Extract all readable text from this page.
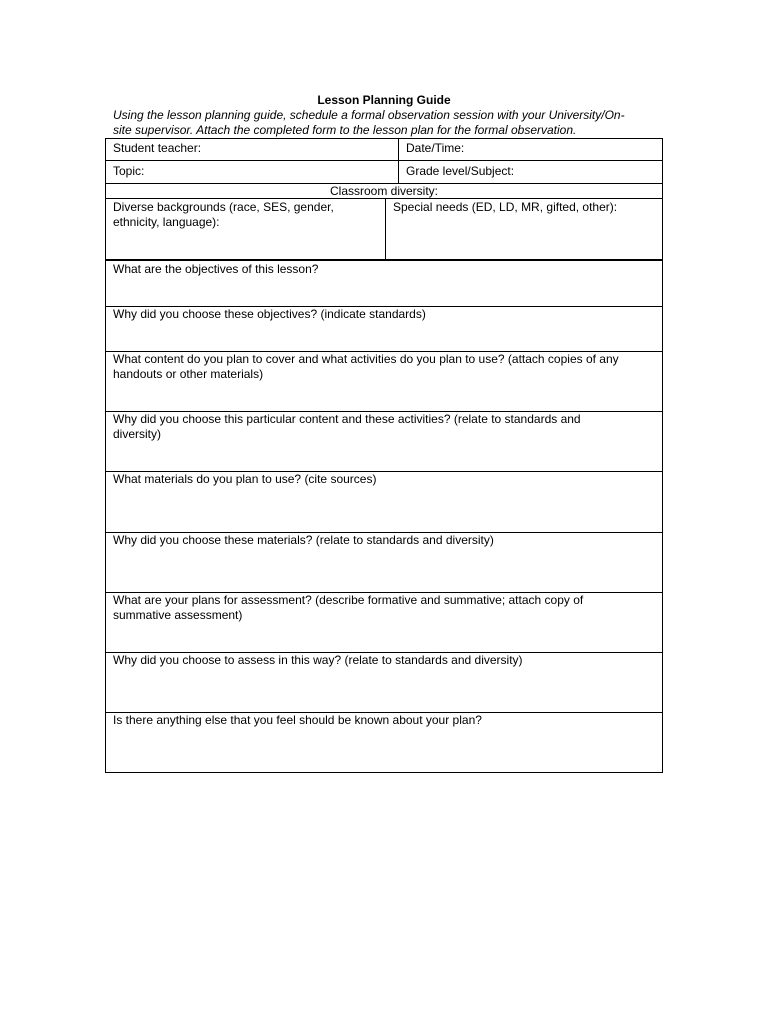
Lesson Planning Guide
Using the lesson planning guide, schedule a formal observation session with your University/On-
site supervisor. Attach the completed form to the lesson plan for the formal observation.
Student teacher:	Date/Time:
Topic:	Grade level/Subject:
Classroom diversity:
Diverse backgrounds (race, SES, gender,
ethnicity, language):
Special needs (ED, LD, MR, gifted, other):
What are the objectives of this lesson?
Why did you choose these objectives? (indicate standards)
What content do you plan to cover and what activities do you plan to use? (attach copies of any
handouts or other materials)
Why did you choose this particular content and these activities? (relate to standards and
diversity)
What materials do you plan to use? (cite sources)
Why did you choose these materials? (relate to standards and diversity)
What are your plans for assessment? (describe formative and summative; attach copy of
summative assessment)
Why did you choose to assess in this way? (relate to standards and diversity)
Is there anything else that you feel should be known about your plan?
